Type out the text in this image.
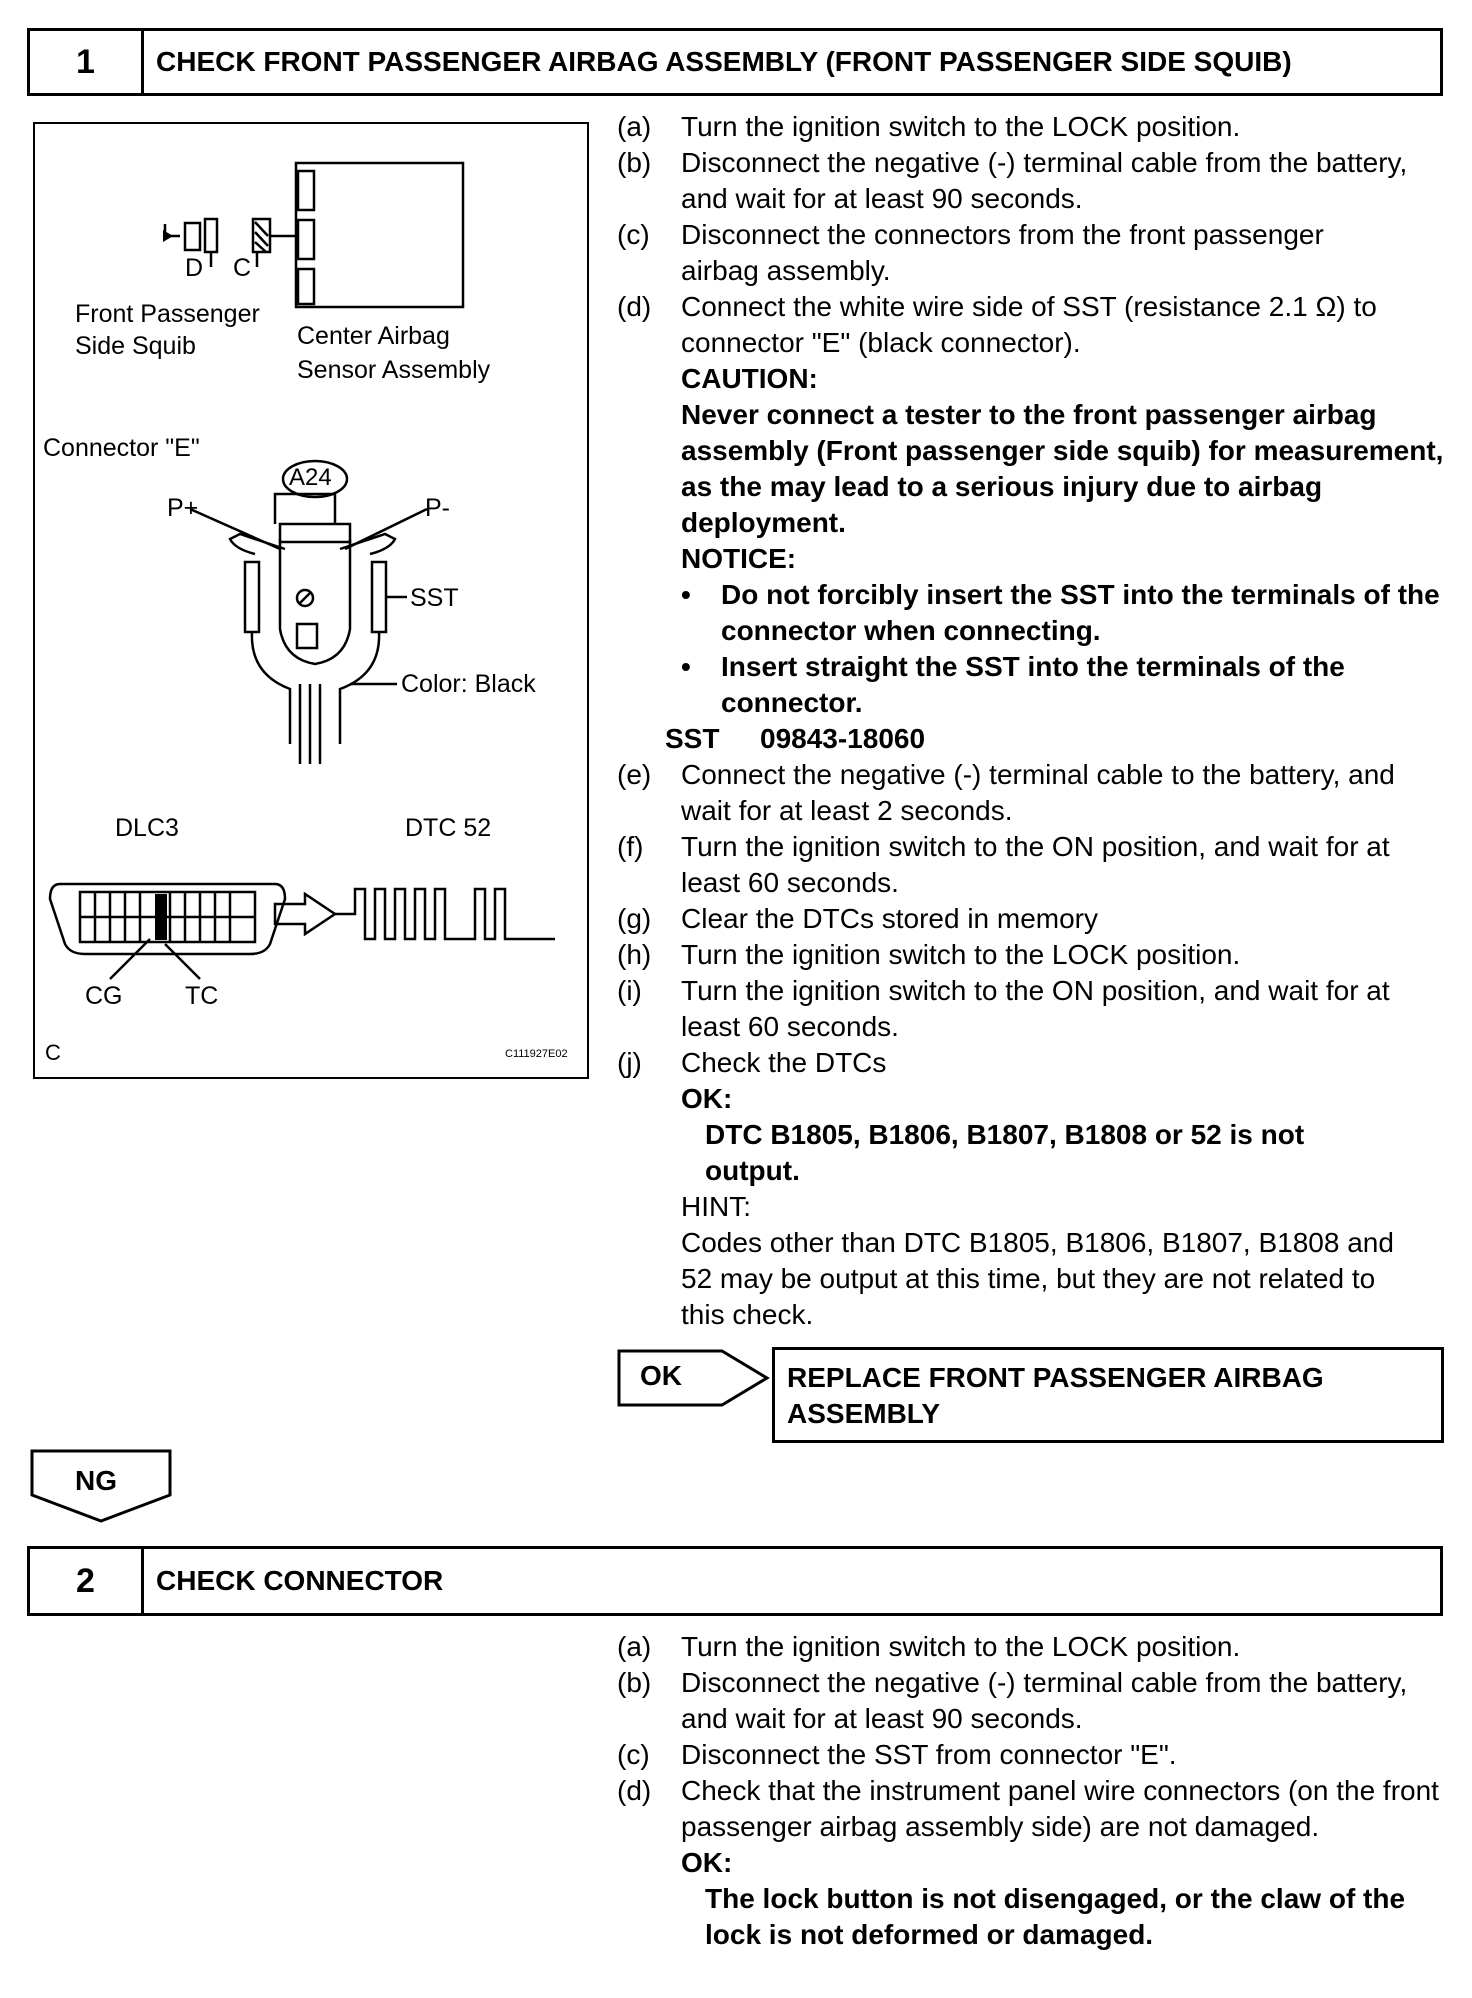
1	CHECK FRONT PASSENGER AIRBAG ASSEMBLY (FRONT PASSENGER SIDE SQUIB)
D C
Front Passenger
Side Squib	Center Airbag
Sensor Assembly
Connector "E"
A24
P+	P-
SST
Color: Black
DLC3	DTC 52
CG	TC
C	C111927E02
(a)	Turn the ignition switch to the LOCK position.
(b)	Disconnect the negative (-) terminal cable from the battery, and wait for at least 90 seconds.
(c)	Disconnect the connectors from the front passenger airbag assembly.
(d)	Connect the white wire side of SST (resistance 2.1 Ω) to connector "E" (black connector).
CAUTION:
Never connect a tester to the front passenger airbag assembly (Front passenger side squib) for measurement, as the may lead to a serious injury due to airbag deployment.
NOTICE:
• Do not forcibly insert the SST into the terminals of the connector when connecting.
• Insert straight the SST into the terminals of the connector.
SST 09843-18060
(e)	Connect the negative (-) terminal cable to the battery, and wait for at least 2 seconds.
(f)	Turn the ignition switch to the ON position, and wait for at least 60 seconds.
(g)	Clear the DTCs stored in memory
(h)	Turn the ignition switch to the LOCK position.
(i)	Turn the ignition switch to the ON position, and wait for at least 60 seconds.
(j)	Check the DTCs
OK:
DTC B1805, B1806, B1807, B1808 or 52 is not output.
HINT:
Codes other than DTC B1805, B1806, B1807, B1808 and 52 may be output at this time, but they are not related to this check.
OK	REPLACE FRONT PASSENGER AIRBAG ASSEMBLY
NG
2	CHECK CONNECTOR
(a)	Turn the ignition switch to the LOCK position.
(b)	Disconnect the negative (-) terminal cable from the battery, and wait for at least 90 seconds.
(c)	Disconnect the SST from connector "E".
(d)	Check that the instrument panel wire connectors (on the front passenger airbag assembly side) are not damaged.
OK:
The lock button is not disengaged, or the claw of the lock is not deformed or damaged.
